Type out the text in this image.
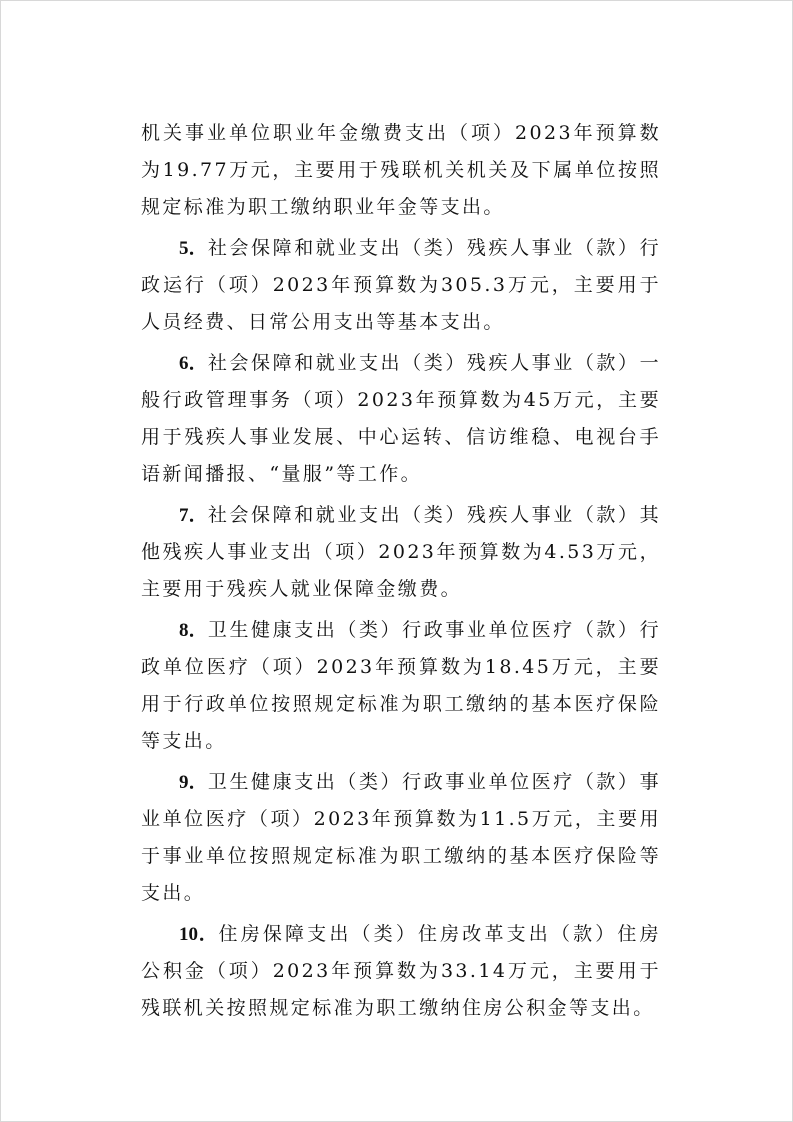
机关事业单位职业年金缴费支出（项）2023年预算数为19.77万元，主要用于残联机关机关及下属单位按照规定标准为职工缴纳职业年金等支出。

5．社会保障和就业支出（类）残疾人事业（款）行政运行（项）2023年预算数为305.3万元，主要用于人员经费、日常公用支出等基本支出。

6．社会保障和就业支出（类）残疾人事业（款）一般行政管理事务（项）2023年预算数为45万元，主要用于残疾人事业发展、中心运转、信访维稳、电视台手语新闻播报、“量服”等工作。

7．社会保障和就业支出（类）残疾人事业（款）其他残疾人事业支出（项）2023年预算数为4.53万元，主要用于残疾人就业保障金缴费。

8．卫生健康支出（类）行政事业单位医疗（款）行政单位医疗（项）2023年预算数为18.45万元，主要用于行政单位按照规定标准为职工缴纳的基本医疗保险等支出。

9．卫生健康支出（类）行政事业单位医疗（款）事业单位医疗（项）2023年预算数为11.5万元，主要用于事业单位按照规定标准为职工缴纳的基本医疗保险等支出。

10．住房保障支出（类）住房改革支出（款）住房公积金（项）2023年预算数为33.14万元，主要用于残联机关按照规定标准为职工缴纳住房公积金等支出。
